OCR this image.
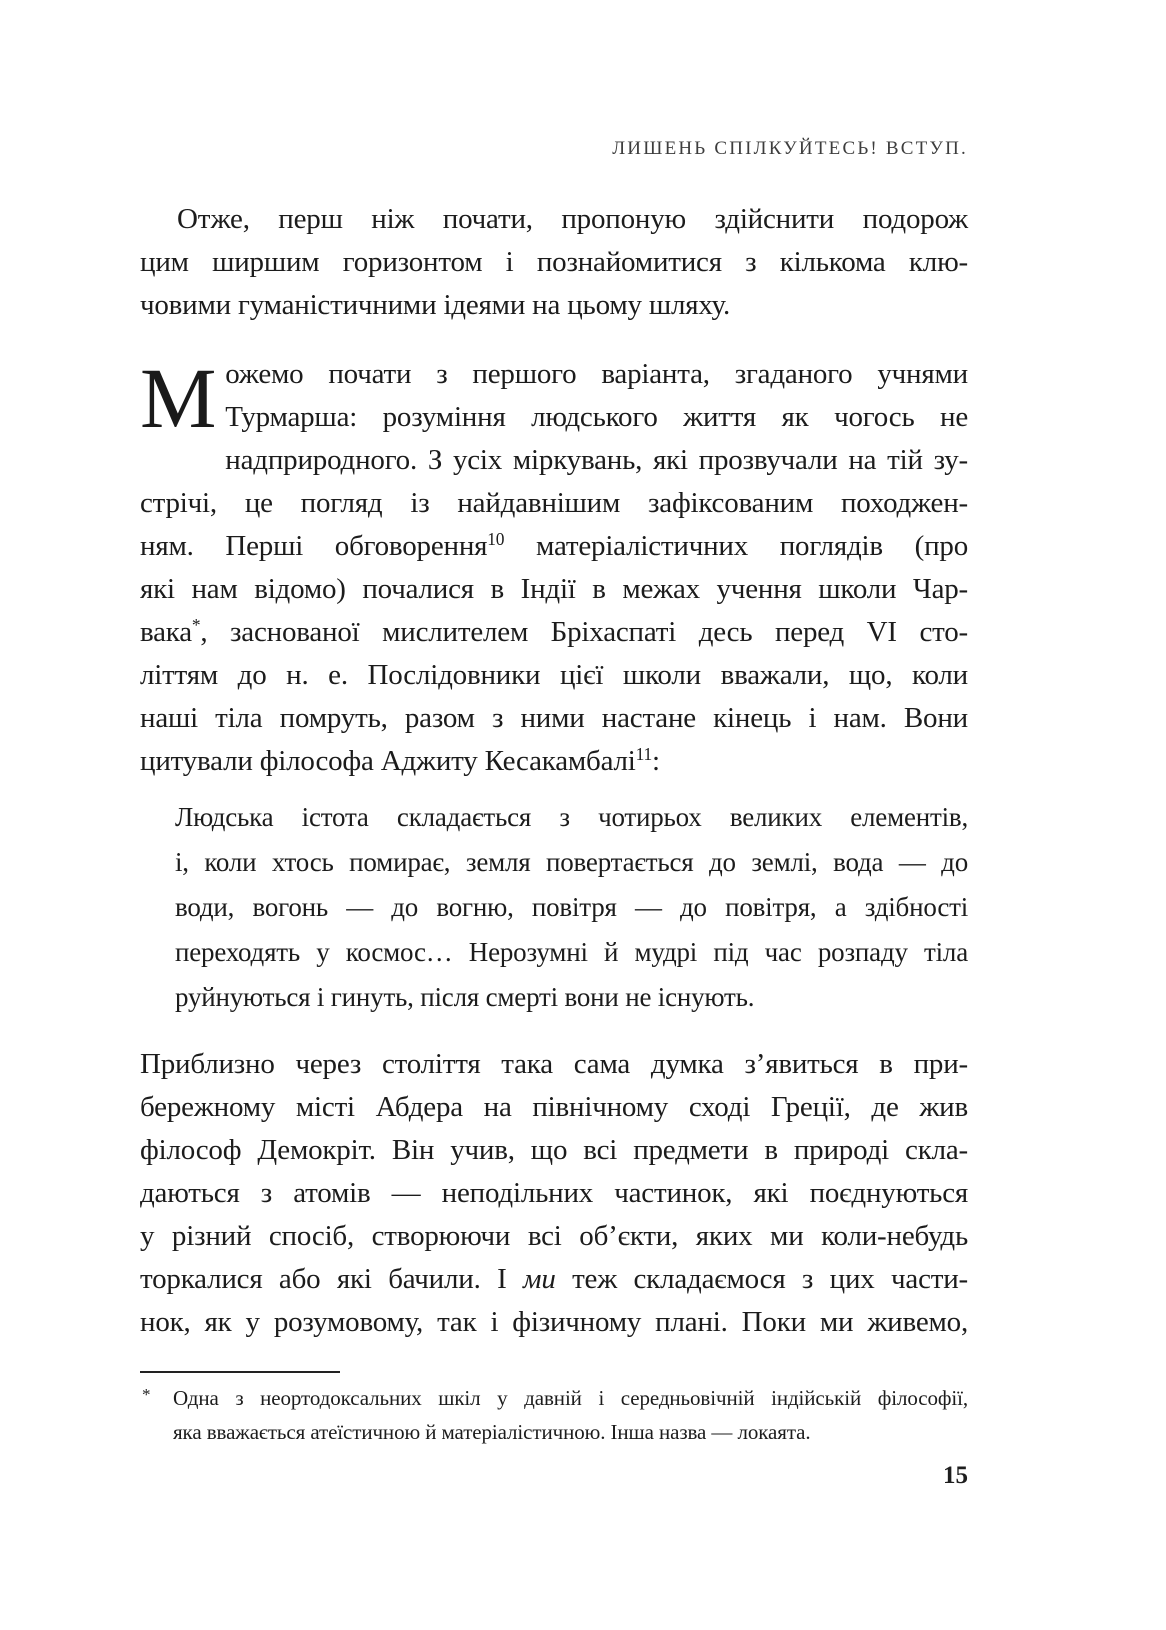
ЛИШЕНЬ СПІЛКУЙТЕСЬ! ВСТУП.
Отже, перш ніж почати, пропоную здійснити подорож
цим ширшим горизонтом і познайомитися з кількома клю-
човими гуманістичними ідеями на цьому шляху.
М ожемо почати з першого варіанта, згаданого учнями
Турмарша: розуміння людського життя як чогось не
надприродного. З усіх міркувань, які прозвучали на тій зу-
стрічі, це погляд із найдавнішим зафіксованим походжен-
ням. Перші обговорення$^{10}$ матеріалістичних поглядів (про
які нам відомо) почалися в Індії в межах учення школи Чар-
вака*, заснованої мислителем Бріхаспаті десь перед VI сто-
літтям до н. е. Послідовники цієї школи вважали, що, коли
наші тіла помруть, разом з ними настане кінець і нам. Вони
цитували філософа Аджиту Кесакамбалі$^{11}$:
Людська істота складається з чотирьох великих елементів,
і, коли хтось помирає, земля повертається до землі, вода — до
води, вогонь — до вогню, повітря — до повітря, а здібності
переходять у космос… Нерозумні й мудрі під час розпаду тіла
руйнуються і гинуть, після смерті вони не існують.
Приблизно через століття така сама думка з’явиться в при-
бережному місті Абдера на північному сході Греції, де жив
філософ Демокріт. Він учив, що всі предмети в природі скла-
даються з атомів — неподільних частинок, які поєднуються
у різний спосіб, створюючи всі об’єкти, яких ми коли-небудь
торкалися або які бачили. І ми теж складаємося з цих части-
нок, як у розумовому, так і фізичному плані. Поки ми живемо,
* Одна з неортодоксальних шкіл у давній і середньовічній індійській філософії,
яка вважається атеїстичною й матеріалістичною. Інша назва — локаята.
15
